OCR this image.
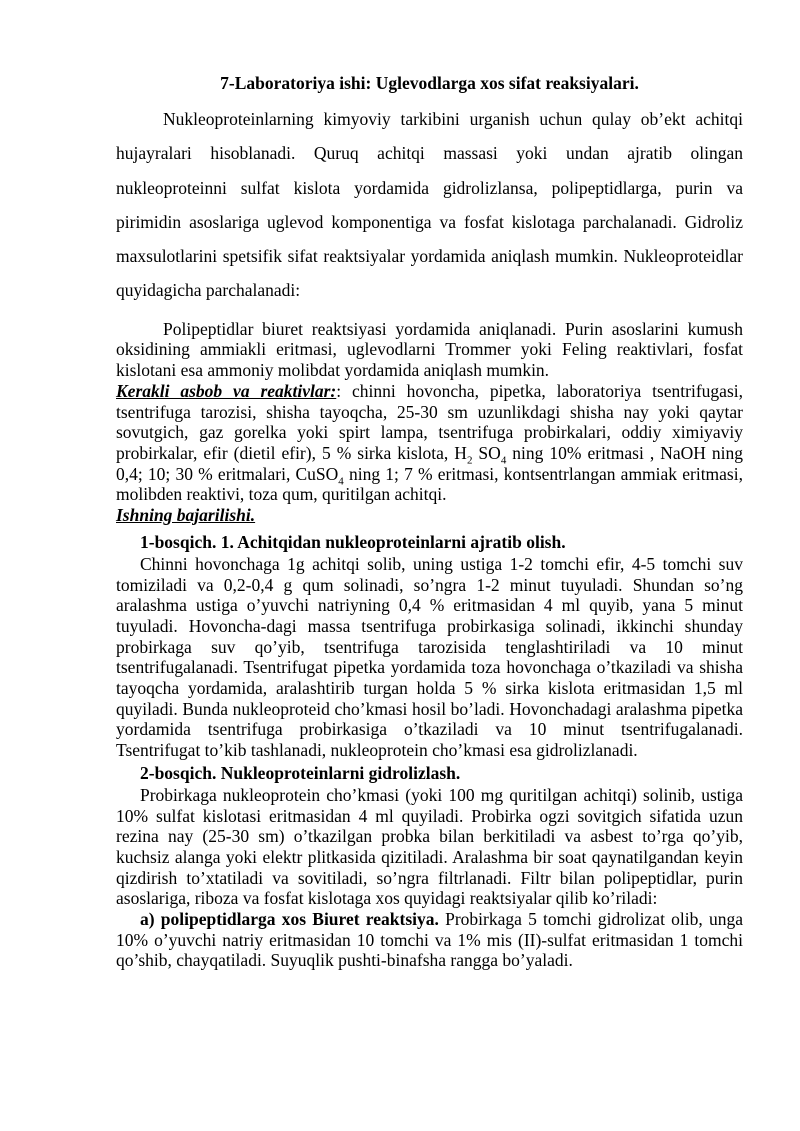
7-Laboratoriya ishi: Uglevodlarga xos sifat reaksiyalari.

Nukleoproteinlarning kimyoviy tarkibini urganish uchun qulay ob’ekt achitqi hujayralari hisoblanadi. Quruq achitqi massasi yoki undan ajratib olingan nukleoproteinni sulfat kislota yordamida gidrolizlansa, polipeptidlarga, purin va pirimidin asoslariga uglevod komponentiga va fosfat kislotaga parchalanadi. Gidroliz maxsulotlarini spetsifik sifat reaktsiyalar yordamida aniqlash mumkin. Nukleoproteidlar quyidagicha parchalanadi:

Polipeptidlar biuret reaktsiyasi yordamida aniqlanadi. Purin asoslarini kumush oksidining ammiakli eritmasi, uglevodlarni Trommer yoki Feling reaktivlari, fosfat kislotani esa ammoniy molibdat yordamida aniqlash mumkin.

Kerakli asbob va reaktivlar:: chinni hovoncha, pipetka, laboratoriya tsentrifugasi, tsentrifuga tarozisi, shisha tayoqcha, 25-30 sm uzunlikdagi shisha nay yoki qaytar sovutgich, gaz gorelka yoki spirt lampa, tsentrifuga probirkalari, oddiy ximiyaviy probirkalar, efir (dietil efir), 5 % sirka kislota, $H_2$ $SO_4$ ning 10% eritmasi , NaOH ning 0,4; 10; 30 % eritmalari, CuSO$_4$ ning 1; 7 % eritmasi, kontsentrlangan ammiak eritmasi, molibden reaktivi, toza qum, quritilgan achitqi.

Ishning bajarilishi.

1-bosqich. 1. Achitqidan nukleoproteinlarni ajratib olish.

Chinni hovonchaga 1g achitqi solib, uning ustiga 1-2 tomchi efir, 4-5 tomchi suv tomiziladi va 0,2-0,4 g qum solinadi, so’ngra 1-2 minut tuyuladi. Shundan so’ng aralashma ustiga o’yuvchi natriyning 0,4 % eritmasidan 4 ml quyib, yana 5 minut tuyuladi. Hovoncha-dagi massa tsentrifuga probirkasiga solinadi, ikkinchi shunday probirkaga suv qo’yib, tsentrifuga tarozisida tenglashtiriladi va 10 minut tsentrifugalanadi. Tsentrifugat pipetka yordamida toza hovonchaga o’tkaziladi va shisha tayoqcha yordamida, aralashtirib turgan holda 5 % sirka kislota eritmasidan 1,5 ml quyiladi. Bunda nukleoproteid cho’kmasi hosil bo’ladi. Hovonchadagi aralashma pipetka yordamida tsentrifuga probirkasiga o’tkaziladi va 10 minut tsentrifugalanadi. Tsentrifugat to’kib tashlanadi, nukleoprotein cho’kmasi esa gidrolizlanadi.

2-bosqich. Nukleoproteinlarni gidrolizlash.

Probirkaga nukleoprotein cho’kmasi (yoki 100 mg quritilgan achitqi) solinib, ustiga 10% sulfat kislotasi eritmasidan 4 ml quyiladi. Probirka ogzi sovitgich sifatida uzun rezina nay (25-30 sm) o’tkazilgan probka bilan berkitiladi va asbest to’rga qo’yib, kuchsiz alanga yoki elektr plitkasida qizitiladi. Aralashma bir soat qaynatilgandan keyin qizdirish to’xtatiladi va sovitiladi, so’ngra filtrlanadi. Filtr bilan polipeptidlar, purin asoslariga, riboza va fosfat kislotaga xos quyidagi reaktsiyalar qilib ko’riladi:

a) polipeptidlarga xos Biuret reaktsiya. Probirkaga 5 tomchi gidrolizat olib, unga 10% o’yuvchi natriy eritmasidan 10 tomchi va 1% mis (II)-sulfat eritmasidan 1 tomchi qo’shib, chayqatiladi. Suyuqlik pushti-binafsha rangga bo’yaladi.
